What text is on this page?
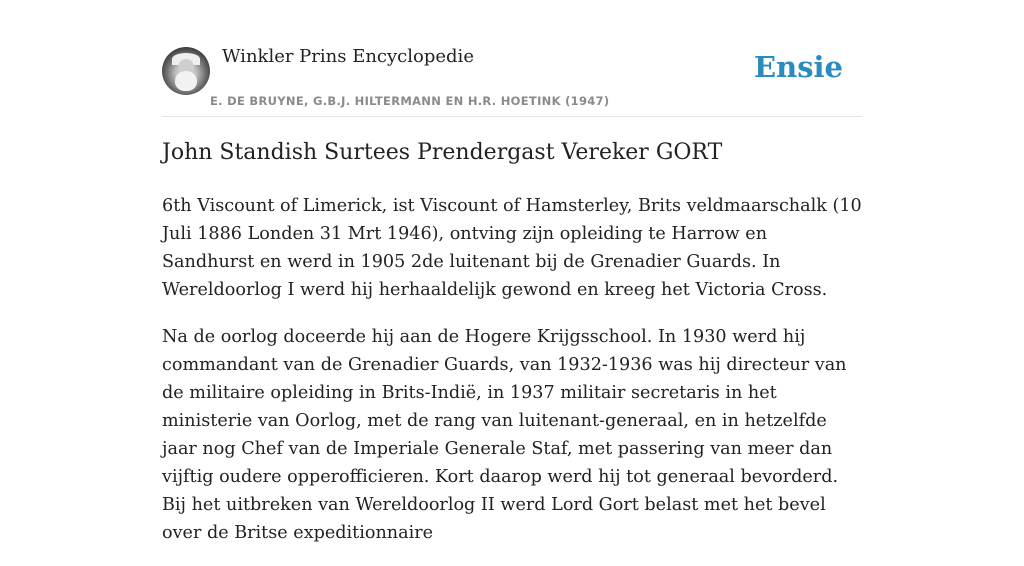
Winkler Prins Encyclopedie
E. DE BRUYNE, G.B.J. HILTERMANN EN H.R. HOETINK (1947)
Ensie
John Standish Surtees Prendergast Vereker GORT

6th Viscount of Limerick, ist Viscount of Hamsterley, Brits veldmaarschalk (10 Juli 1886 Londen 31 Mrt 1946), ontving zijn opleiding te Harrow en Sandhurst en werd in 1905 2de luitenant bij de Grenadier Guards. In Wereldoorlog I werd hij herhaaldelijk gewond en kreeg het Victoria Cross.

Na de oorlog doceerde hij aan de Hogere Krijgsschool. In 1930 werd hij commandant van de Grenadier Guards, van 1932-1936 was hij directeur van de militaire opleiding in Brits-Indië, in 1937 militair secretaris in het ministerie van Oorlog, met de rang van luitenant-generaal, en in hetzelfde jaar nog Chef van de Imperiale Generale Staf, met passering van meer dan vijftig oudere opperofficieren. Kort daarop werd hij tot generaal bevorderd. Bij het uitbreken van Wereldoorlog II werd Lord Gort belast met het bevel over de Britse expeditionnaire
